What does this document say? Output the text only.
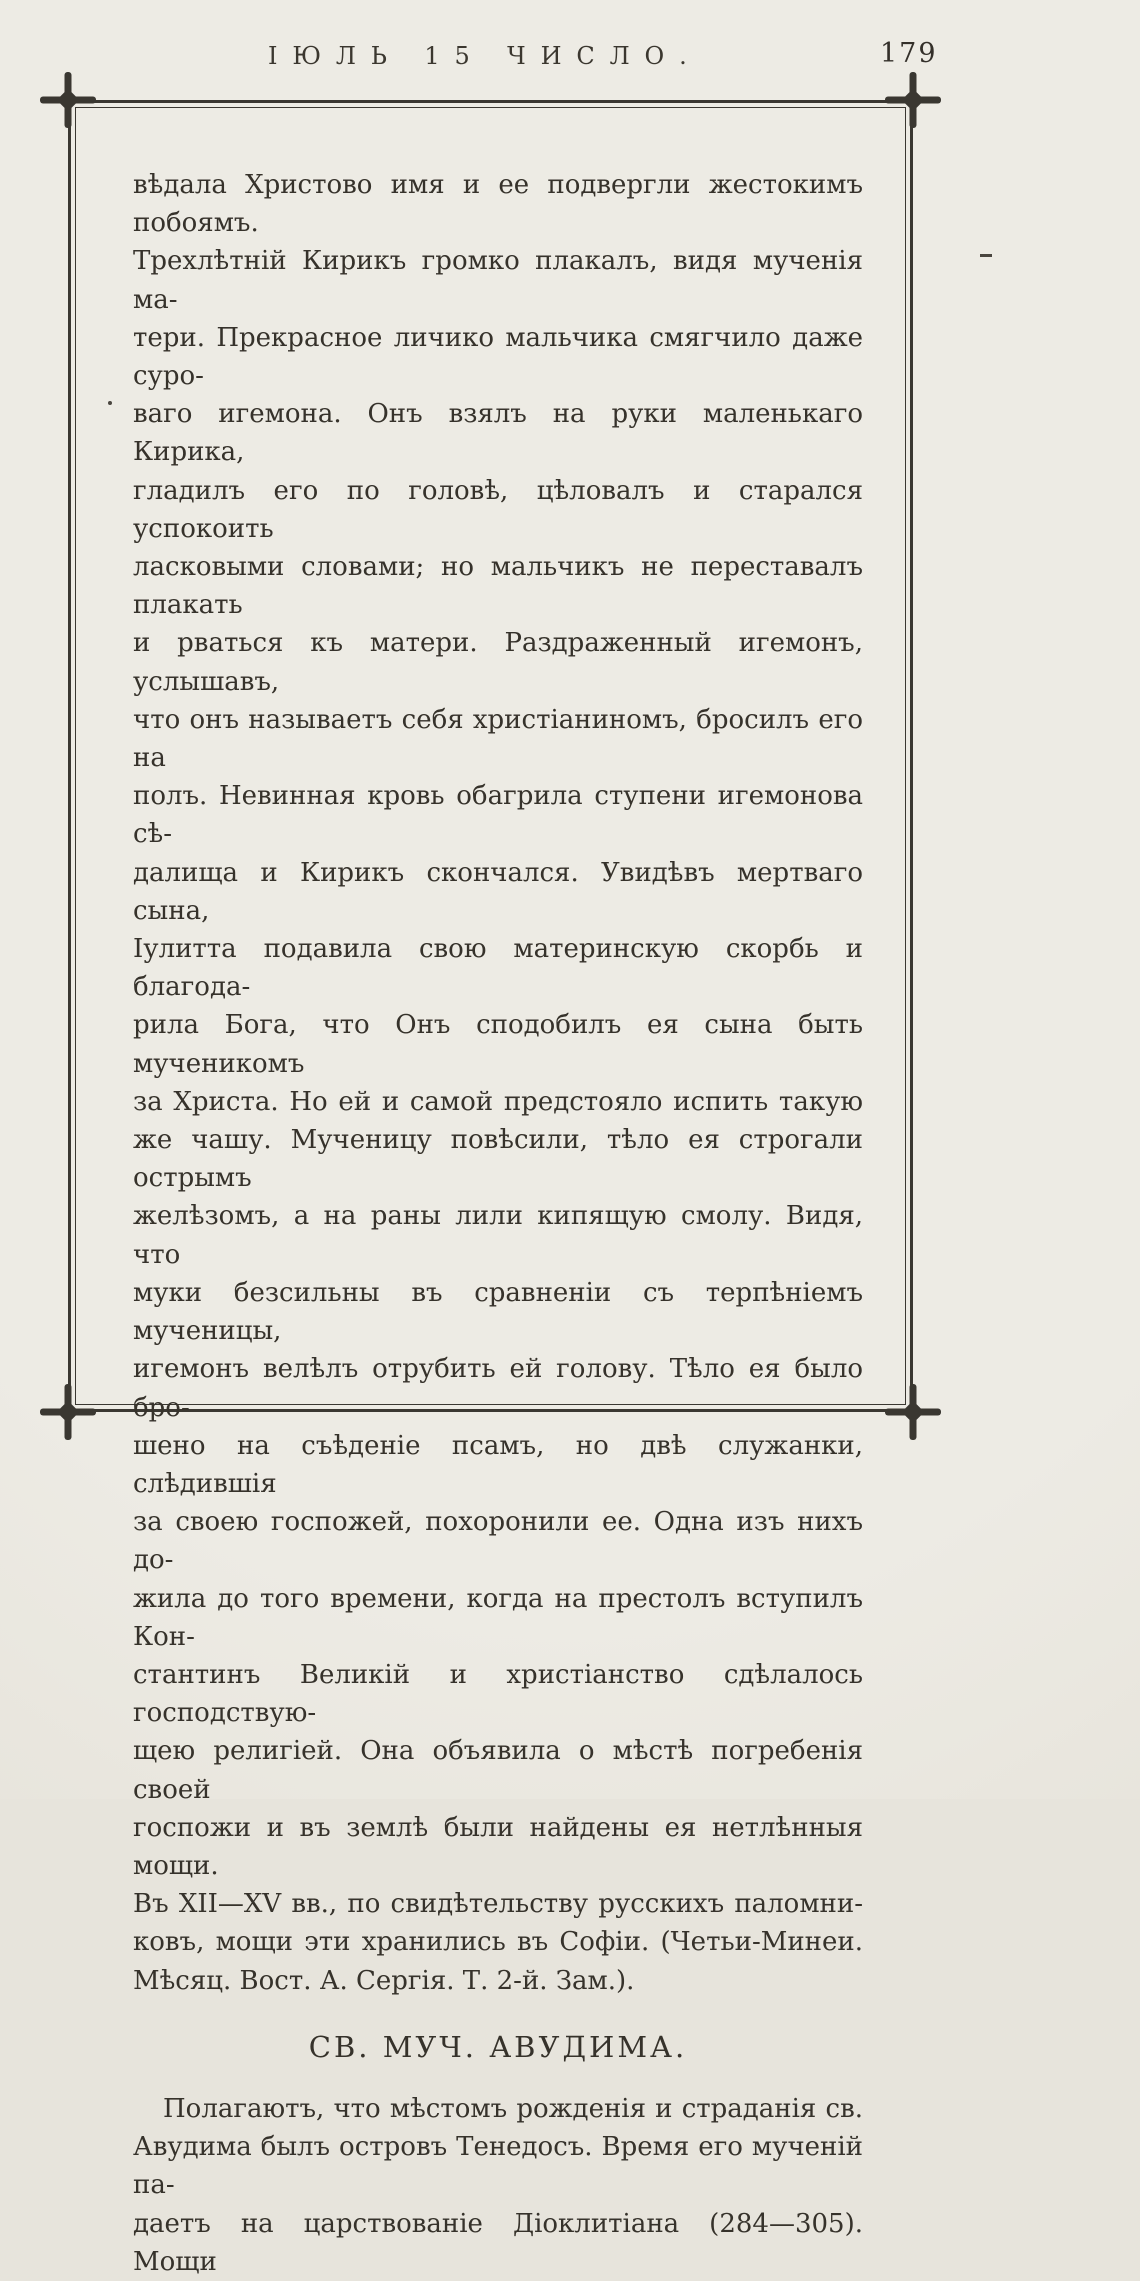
ІЮЛЬ 15 ЧИСЛО.	179
вѣдала Христово имя и ее подвергли жестокимъ побоямъ.
Трехлѣтній Кирикъ громко плакалъ, видя мученія ма-
тери. Прекрасное личико мальчика смягчило даже суро-
ваго игемона. Онъ взялъ на руки маленькаго Кирика,
гладилъ его по головѣ, цѣловалъ и старался успокоить
ласковыми словами; но мальчикъ не переставалъ плакать
и рваться къ матери. Раздраженный игемонъ, услышавъ,
что онъ называетъ себя христіаниномъ, бросилъ его на
полъ. Невинная кровь обагрила ступени игемонова сѣ-
далища и Кирикъ скончался. Увидѣвъ мертваго сына,
Іулитта подавила свою материнскую скорбь и благода-
рила Бога, что Онъ сподобилъ ея сына быть мученикомъ
за Христа. Но ей и самой предстояло испить такую
же чашу. Мученицу повѣсили, тѣло ея строгали острымъ
желѣзомъ, а на раны лили кипящую смолу. Видя, что
муки безсильны въ сравненіи съ терпѣніемъ мученицы,
игемонъ велѣлъ отрубить ей голову. Тѣло ея было бро-
шено на съѣденіе псамъ, но двѣ служанки, слѣдившія
за своею госпожей, похоронили ее. Одна изъ нихъ до-
жила до того времени, когда на престолъ вступилъ Кон-
стантинъ Великій и христіанство сдѣлалось господствую-
щею религіей. Она объявила о мѣстѣ погребенія своей
госпожи и въ землѣ были найдены ея нетлѣнныя мощи.
Въ XII—XV вв., по свидѣтельству русскихъ паломни-
ковъ, мощи эти хранились въ Софіи. (Четьи-Минеи.
Мѣсяц. Вост. А. Сергія. Т. 2-й. Зам.).
СВ. МУЧ. АВУДИМА.
Полагаютъ, что мѣстомъ рожденія и страданія св.
Авудима былъ островъ Тенедосъ. Время его мученій па-
даетъ на царствованіе Діоклитіана (284—305). Мощи
